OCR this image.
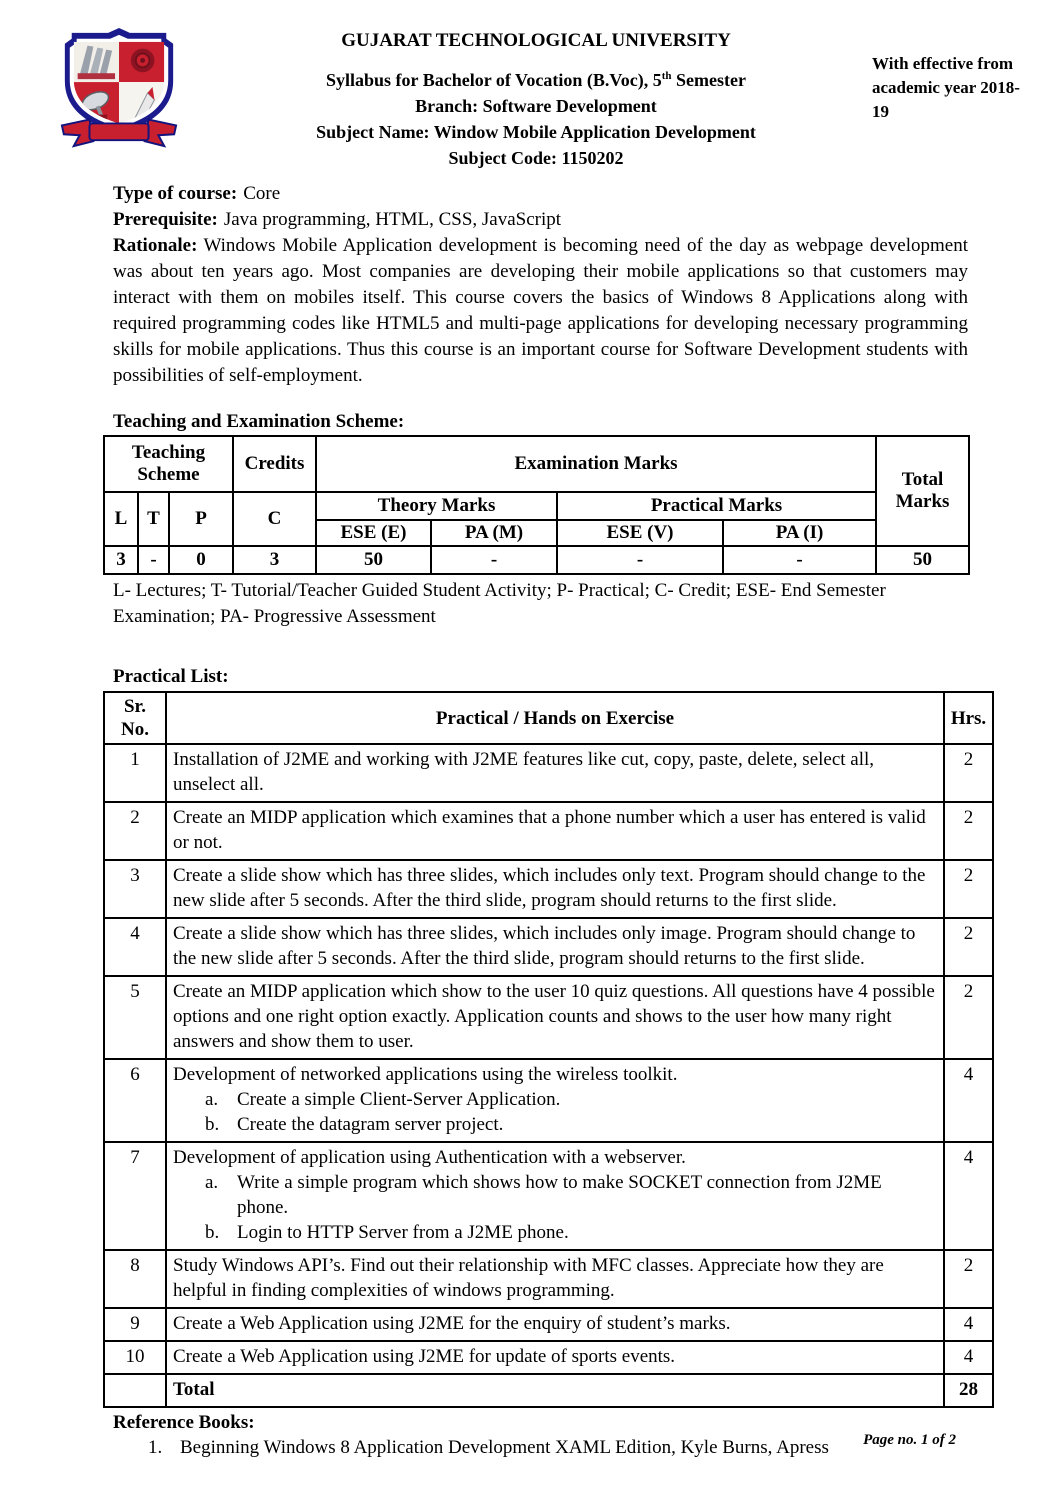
GUJARAT TECHNOLOGICAL UNIVERSITY
Syllabus for Bachelor of Vocation (B.Voc), 5th Semester
Branch: Software Development
Subject Name: Window Mobile Application Development
Subject Code: 1150202
With effective from academic year 2018-19
Type of course: Core
Prerequisite: Java programming, HTML, CSS, JavaScript
Rationale: Windows Mobile Application development is becoming need of the day as webpage development was about ten years ago. Most companies are developing their mobile applications so that customers may interact with them on mobiles itself. This course covers the basics of Windows 8 Applications along with required programming codes like HTML5 and multi-page applications for developing necessary programming skills for mobile applications. Thus this course is an important course for Software Development students with possibilities of self-employment.
Teaching and Examination Scheme:
Teaching Scheme			Credits	Examination Marks				Total Marks
L	T	P	C	Theory Marks		Practical Marks		
				ESE (E)	PA (M)	ESE (V)	PA (I)	
3	-	0	3	50	-	-	-	50
L- Lectures; T- Tutorial/Teacher Guided Student Activity; P- Practical; C- Credit; ESE- End Semester Examination; PA- Progressive Assessment
Practical List:
Sr. No.	Practical / Hands on Exercise	Hrs.
1	Installation of J2ME and working with J2ME features like cut, copy, paste, delete, select all, unselect all.	2
2	Create an MIDP application which examines that a phone number which a user has entered is valid or not.	2
3	Create a slide show which has three slides, which includes only text. Program should change to the new slide after 5 seconds. After the third slide, program should returns to the first slide.	2
4	Create a slide show which has three slides, which includes only image. Program should change to the new slide after 5 seconds. After the third slide, program should returns to the first slide.	2
5	Create an MIDP application which show to the user 10 quiz questions. All questions have 4 possible options and one right option exactly. Application counts and shows to the user how many right answers and show them to user.	2
6	Development of networked applications using the wireless toolkit.
a. Create a simple Client-Server Application.
b. Create the datagram server project.	4
7	Development of application using Authentication with a webserver.
a. Write a simple program which shows how to make SOCKET connection from J2ME phone.
b. Login to HTTP Server from a J2ME phone.	4
8	Study Windows API’s. Find out their relationship with MFC classes. Appreciate how they are helpful in finding complexities of windows programming.	2
9	Create a Web Application using J2ME for the enquiry of student’s marks.	4
10	Create a Web Application using J2ME for update of sports events.	4
	Total	28
Reference Books:
1. Beginning Windows 8 Application Development XAML Edition, Kyle Burns, Apress Page no. 1 of 2
